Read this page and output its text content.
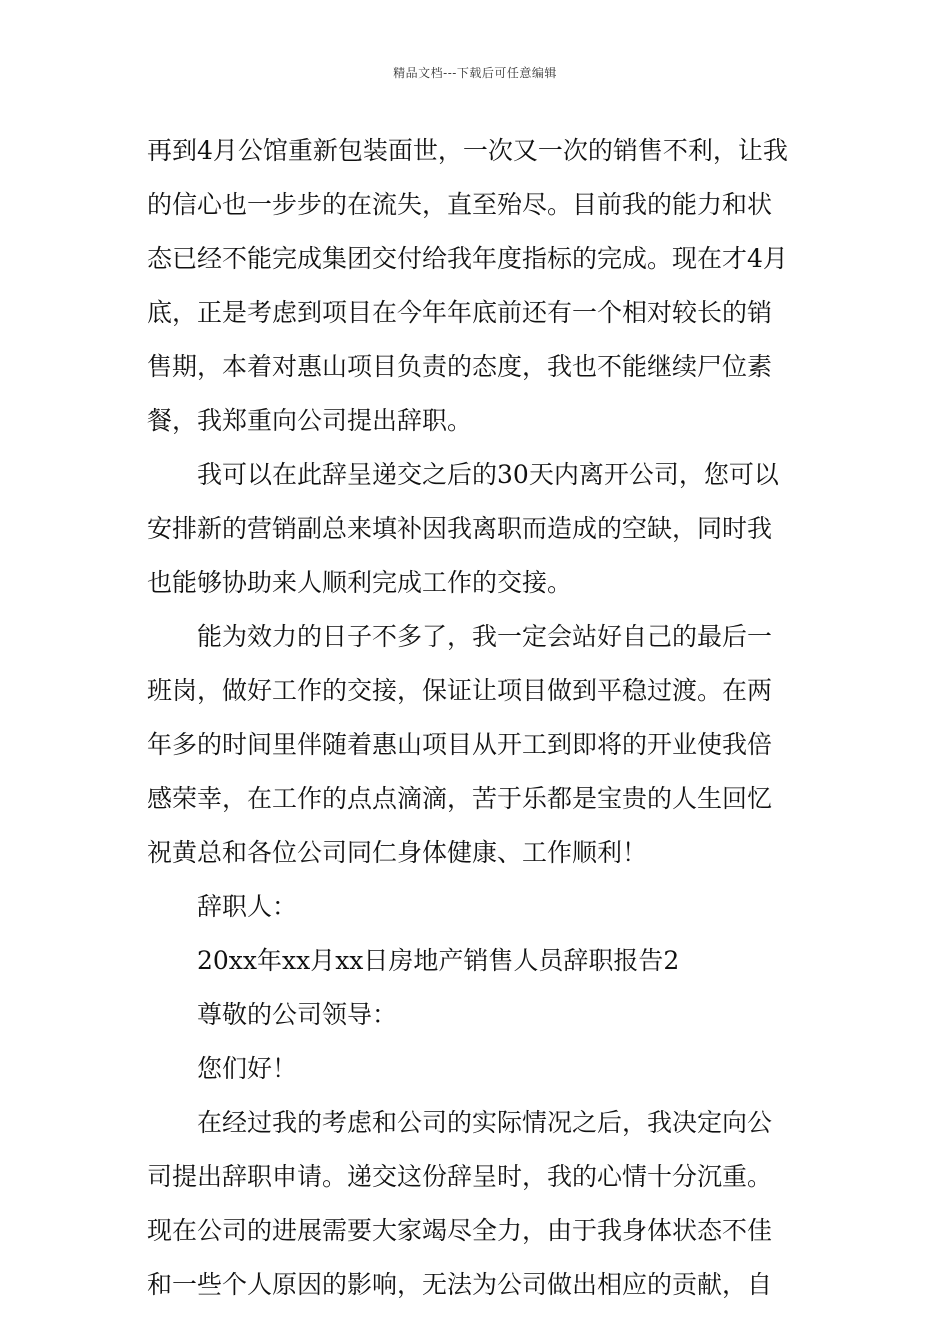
精品文档---下载后可任意编辑
再到4月公馆重新包装面世，一次又一次的销售不利，让我
的信心也一步步的在流失，直至殆尽。目前我的能力和状
态已经不能完成集团交付给我年度指标的完成。现在才4月
底，正是考虑到项目在今年年底前还有一个相对较长的销
售期，本着对惠山项目负责的态度，我也不能继续尸位素
餐，我郑重向公司提出辞职。
我可以在此辞呈递交之后的30天内离开公司，您可以
安排新的营销副总来填补因我离职而造成的空缺，同时我
也能够协助来人顺利完成工作的交接。
能为效力的日子不多了，我一定会站好自己的最后一
班岗，做好工作的交接，保证让项目做到平稳过渡。在两
年多的时间里伴随着惠山项目从开工到即将的开业使我倍
感荣幸，在工作的点点滴滴，苦于乐都是宝贵的人生回忆
祝黄总和各位公司同仁身体健康、工作顺利！
辞职人：
20xx年xx月xx日房地产销售人员辞职报告2
尊敬的公司领导：
您们好！
在经过我的考虑和公司的实际情况之后，我决定向公
司提出辞职申请。递交这份辞呈时，我的心情十分沉重。
现在公司的进展需要大家竭尽全力，由于我身体状态不佳
和一些个人原因的影响，无法为公司做出相应的贡献，自
